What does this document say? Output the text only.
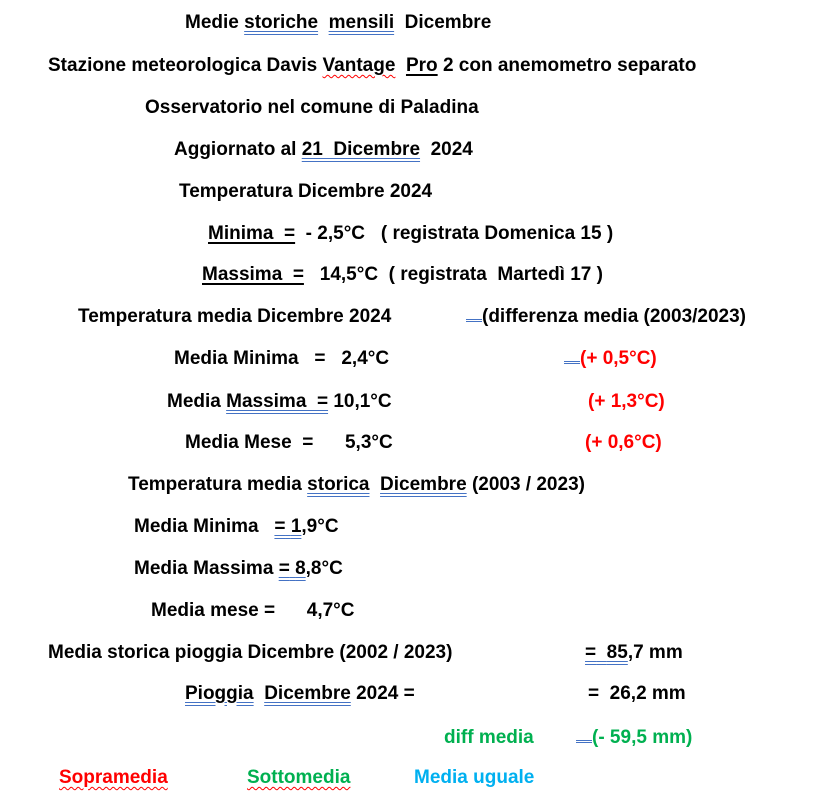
Medie storiche mensili Dicembre
Stazione meteorologica Davis Vantage Pro 2 con anemometro separato
Osservatorio nel comune di Paladina
Aggiornato al 21  Dicembre 2024
Temperatura Dicembre 2024
Minima  = - 2,5°C   ( registrata Domenica 15 )
Massima  = 14,5°C  ( registrata  Martedì 17 )
Temperatura media Dicembre 2024	(differenza media (2003/2023)
Media Minima   =   2,4°C	(+ 0,5°C)
Media Massima  = 10,1°C	(+ 1,3°C)
Media Mese  =      5,3°C	(+ 0,6°C)
Temperatura media storica Dicembre (2003 / 2023)
Media Minima = 1,9°C
Media Massima = 8,8°C
Media mese =      4,7°C
Media storica pioggia Dicembre (2002 / 2023)	= 85,7 mm
Pioggia Dicembre 2024 =	=  26,2 mm
diff media	(- 59,5 mm)
Sopramedia	Sottomedia	Media uguale
